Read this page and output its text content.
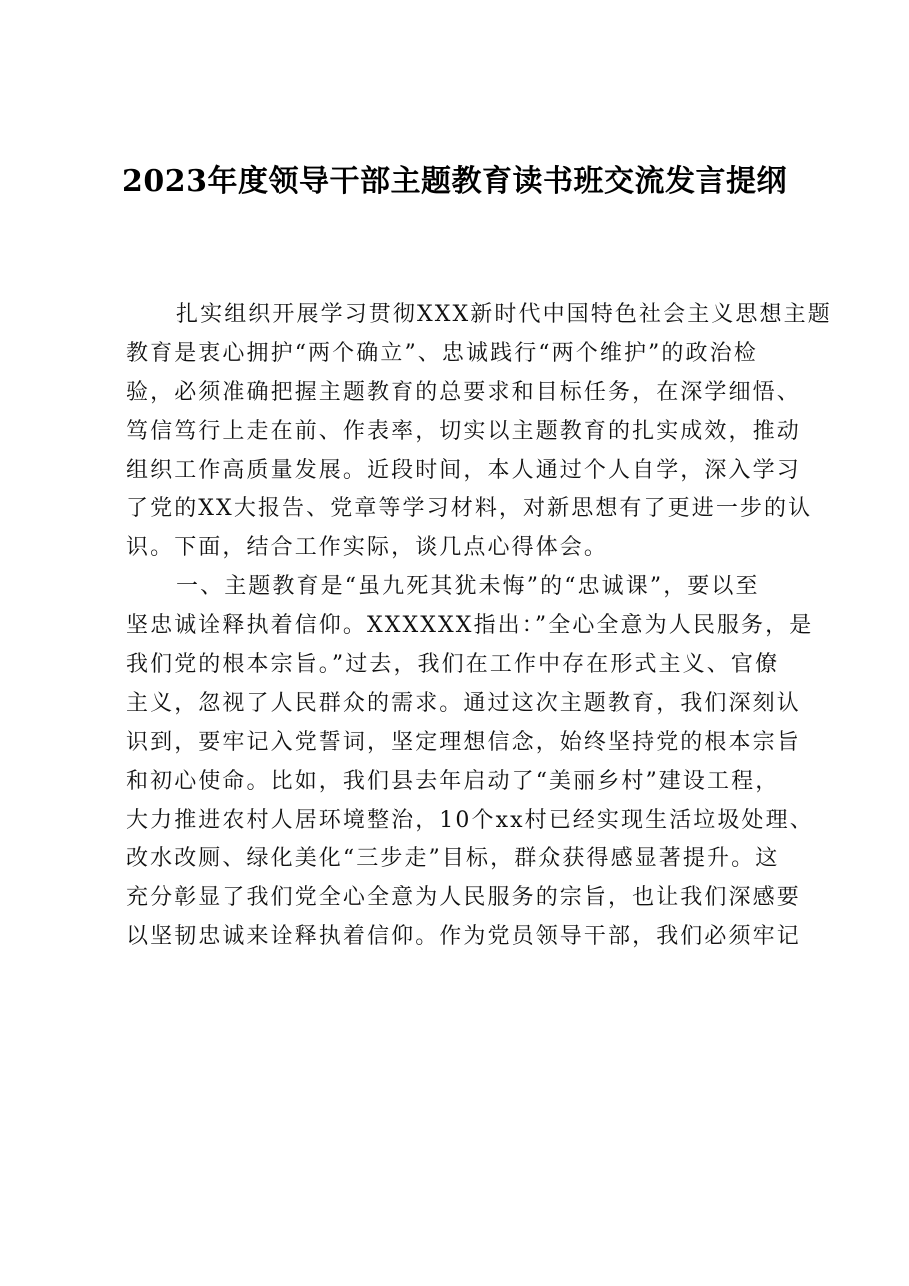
2023年度领导干部主题教育读书班交流发言提纲
扎实组织开展学习贯彻XXX新时代中国特色社会主义思想主题
教育是衷心拥护“两个确立”、忠诚践行“两个维护”的政治检
验，必须准确把握主题教育的总要求和目标任务，在深学细悟、
笃信笃行上走在前、作表率，切实以主题教育的扎实成效，推动
组织工作高质量发展。近段时间，本人通过个人自学，深入学习
了党的XX大报告、党章等学习材料，对新思想有了更进一步的认
识。下面，结合工作实际，谈几点心得体会。
一、主题教育是“虽九死其犹未悔”的“忠诚课”，要以至
坚忠诚诠释执着信仰。XXXXXX指出：”全心全意为人民服务，是
我们党的根本宗旨。”过去，我们在工作中存在形式主义、官僚
主义，忽视了人民群众的需求。通过这次主题教育，我们深刻认
识到，要牢记入党誓词，坚定理想信念，始终坚持党的根本宗旨
和初心使命。比如，我们县去年启动了“美丽乡村”建设工程，
大力推进农村人居环境整治，10个xx村已经实现生活垃圾处理、
改水改厕、绿化美化“三步走”目标，群众获得感显著提升。这
充分彰显了我们党全心全意为人民服务的宗旨，也让我们深感要
以坚韧忠诚来诠释执着信仰。作为党员领导干部，我们必须牢记
